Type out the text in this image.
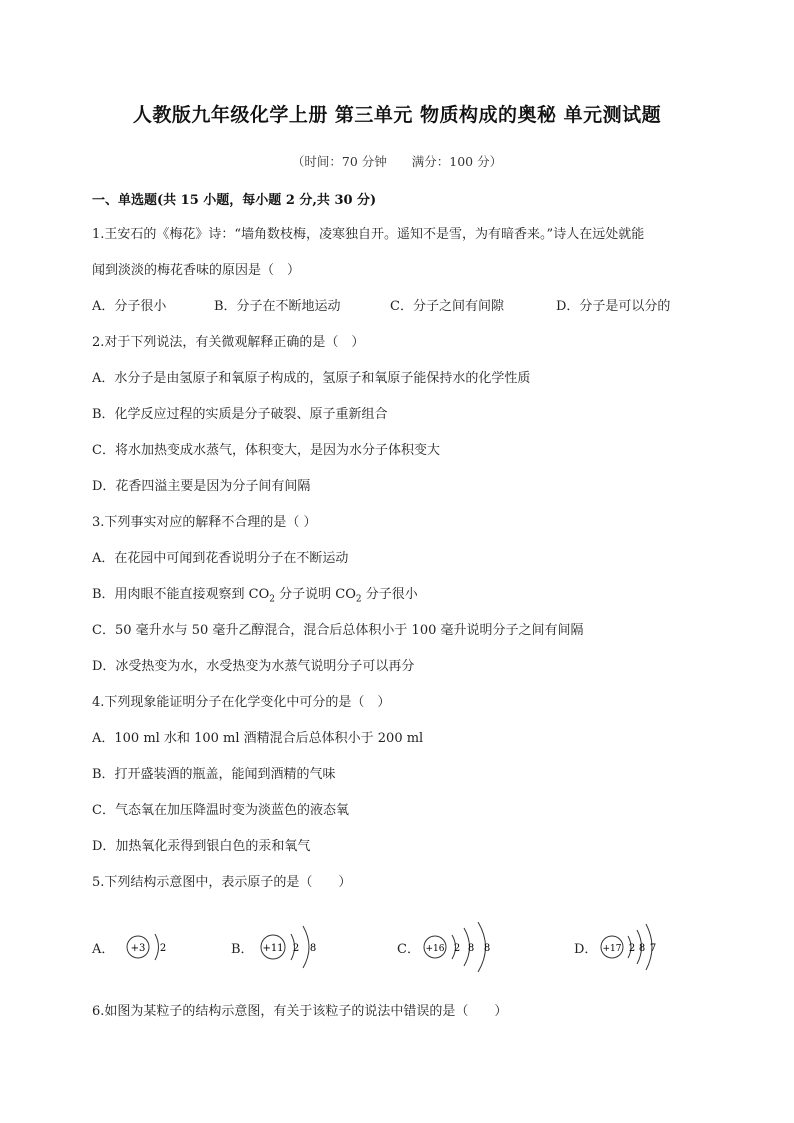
人教版九年级化学上册 第三单元 物质构成的奥秘 单元测试题
（时间：70 分钟　　满分：100 分）
一、单选题(共 15 小题，每小题 2 分,共 30 分)
1.王安石的《梅花》诗：“墙角数枝梅，凌寒独自开。遥知不是雪，为有暗香来。”诗人在远处就能
闻到淡淡的梅花香味的原因是（　）
A．分子很小	B．分子在不断地运动	C．分子之间有间隙	D．分子是可以分的
2.对于下列说法，有关微观解释正确的是（　）
A．水分子是由氢原子和氧原子构成的，氢原子和氧原子能保持水的化学性质
B．化学反应过程的实质是分子破裂、原子重新组合
C．将水加热变成水蒸气，体积变大，是因为水分子体积变大
D．花香四溢主要是因为分子间有间隔
3.下列事实对应的解释不合理的是（ ）
A．在花园中可闻到花香说明分子在不断运动
B．用肉眼不能直接观察到 $CO_2$ 分子说明 $CO_2$ 分子很小
C．50 毫升水与 50 毫升乙醇混合，混合后总体积小于 100 毫升说明分子之间有间隔
D．冰受热变为水，水受热变为水蒸气说明分子可以再分
4.下列现象能证明分子在化学变化中可分的是（　）
A．100 ml 水和 100 ml 酒精混合后总体积小于 200 ml
B．打开盛装酒的瓶盖，能闻到酒精的气味
C．气态氧在加压降温时变为淡蓝色的液态氧
D．加热氧化汞得到银白色的汞和氧气
5.下列结构示意图中，表示原子的是（　　）
A． +3 2	B． +11 2 8	C． +16 2 8 8	D． +17 2 8 7
6.如图为某粒子的结构示意图，有关于该粒子的说法中错误的是（　　）
